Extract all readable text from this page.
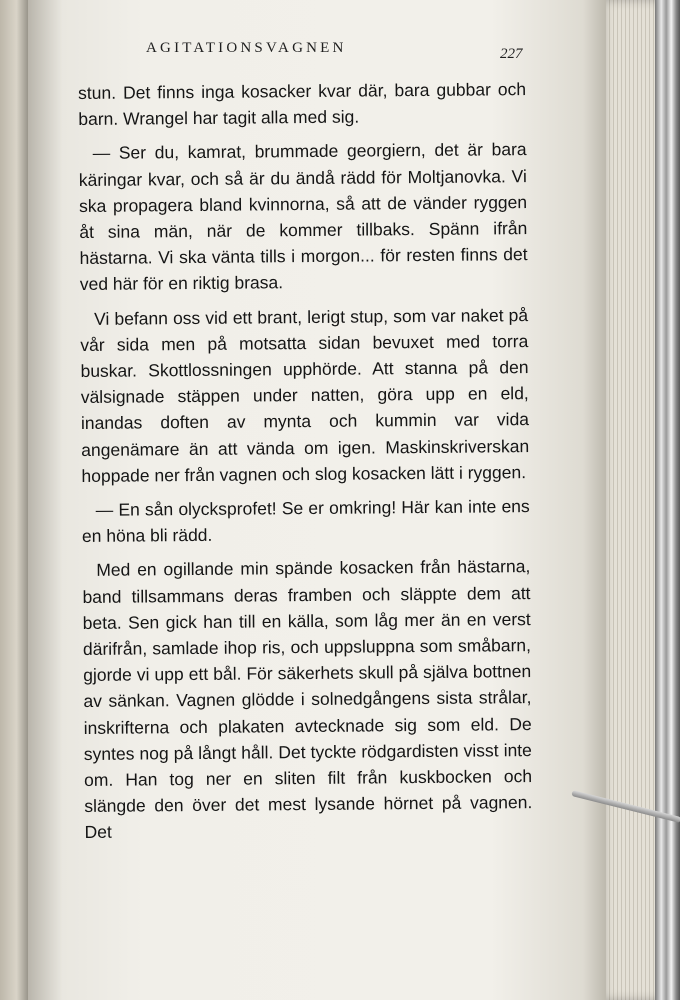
AGITATIONSVAGNEN	227

stun. Det finns inga kosacker kvar där, bara gubbar och barn. Wrangel har tagit alla med sig.

— Ser du, kamrat, brummade georgiern, det är bara käringar kvar, och så är du ändå rädd för Moltjanovka. Vi ska propagera bland kvinnorna, så att de vänder ryggen åt sina män, när de kommer tillbaks. Spänn ifrån hästarna. Vi ska vänta tills i morgon... för resten finns det ved här för en riktig brasa.

Vi befann oss vid ett brant, lerigt stup, som var naket på vår sida men på motsatta sidan bevuxet med torra buskar. Skottlossningen upphörde. Att stanna på den välsignade stäppen under natten, göra upp en eld, inandas doften av mynta och kummin var vida angenämare än att vända om igen. Maskinskriverskan hoppade ner från vagnen och slog kosacken lätt i ryggen.

— En sån olycksprofet! Se er omkring! Här kan inte ens en höna bli rädd.

Med en ogillande min spände kosacken från hästarna, band tillsammans deras framben och släppte dem att beta. Sen gick han till en källa, som låg mer än en verst därifrån, samlade ihop ris, och uppsluppna som småbarn, gjorde vi upp ett bål. För säkerhets skull på själva bottnen av sänkan. Vagnen glödde i solnedgångens sista strålar, inskrifterna och plakaten avtecknade sig som eld. De syntes nog på långt håll. Det tyckte rödgardisten visst inte om. Han tog ner en sliten filt från kuskbocken och slängde den över det mest lysande hörnet på vagnen. Det
